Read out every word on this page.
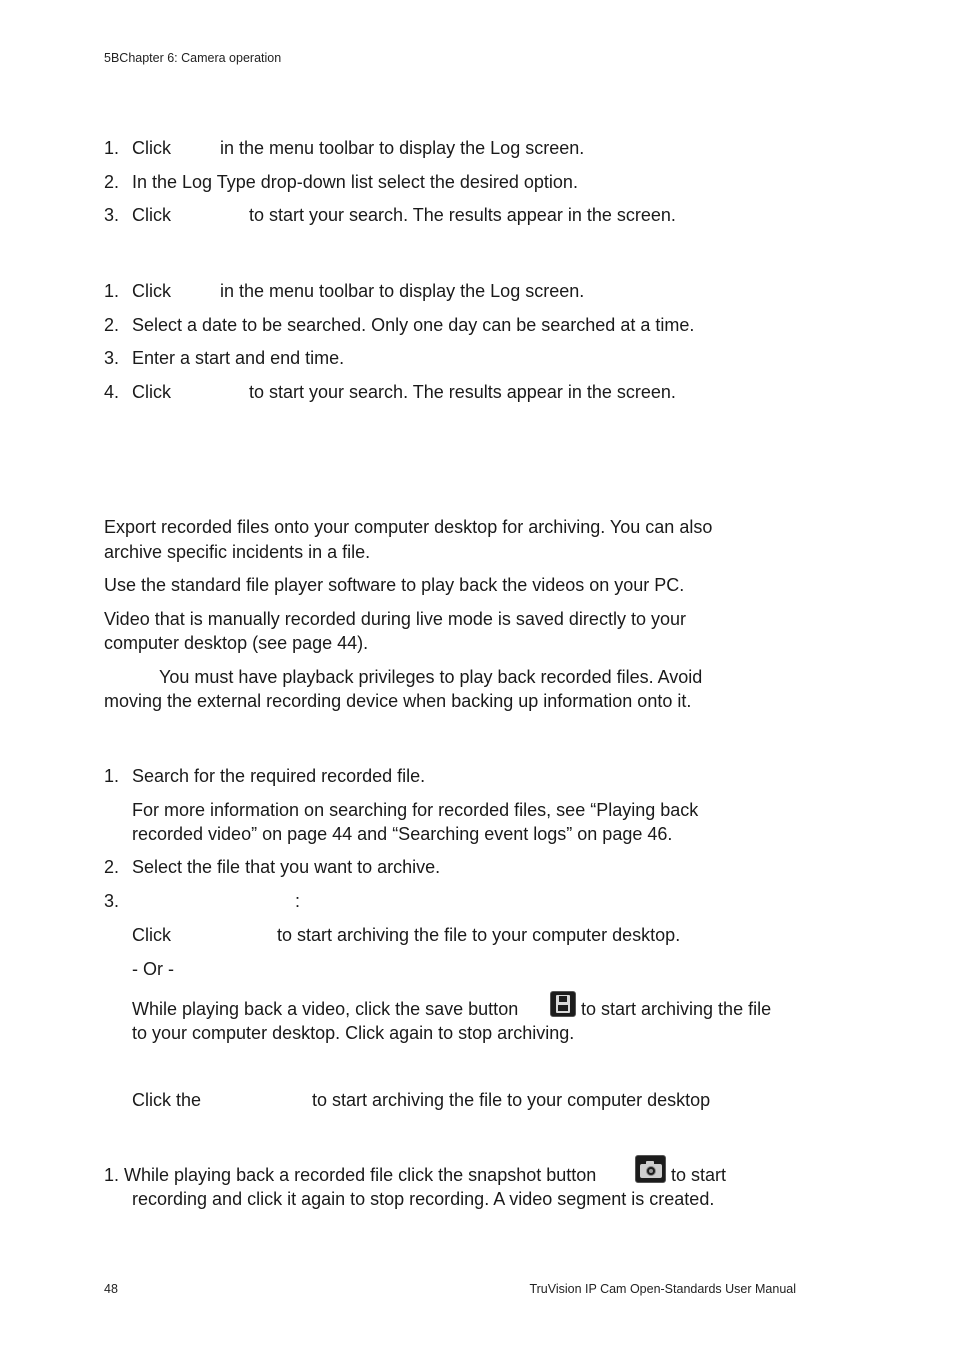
5BChapter 6: Camera operation
1. Click	in the menu toolbar to display the Log screen.
2. In the Log Type drop-down list select the desired option.
3. Click	to start your search. The results appear in the screen.
1. Click	in the menu toolbar to display the Log screen.
2. Select a date to be searched. Only one day can be searched at a time.
3. Enter a start and end time.
4. Click	to start your search. The results appear in the screen.
Export recorded files onto your computer desktop for archiving. You can also
archive specific incidents in a file.
Use the standard file player software to play back the videos on your PC.
Video that is manually recorded during live mode is saved directly to your
computer desktop (see page 44).
You must have playback privileges to play back recorded files. Avoid
moving the external recording device when backing up information onto it.
1. Search for the required recorded file.
For more information on searching for recorded files, see “Playing back
recorded video” on page 44 and “Searching event logs” on page 46.
2. Select the file that you want to archive.
3.	:
Click	to start archiving the file to your computer desktop.
- Or -
While playing back a video, click the save button	to start archiving the file
to your computer desktop. Click again to stop archiving.
Click the	to start archiving the file to your computer desktop
1. While playing back a recorded file click the snapshot button	to start
recording and click it again to stop recording. A video segment is created.
48	TruVision IP Cam Open-Standards User Manual
